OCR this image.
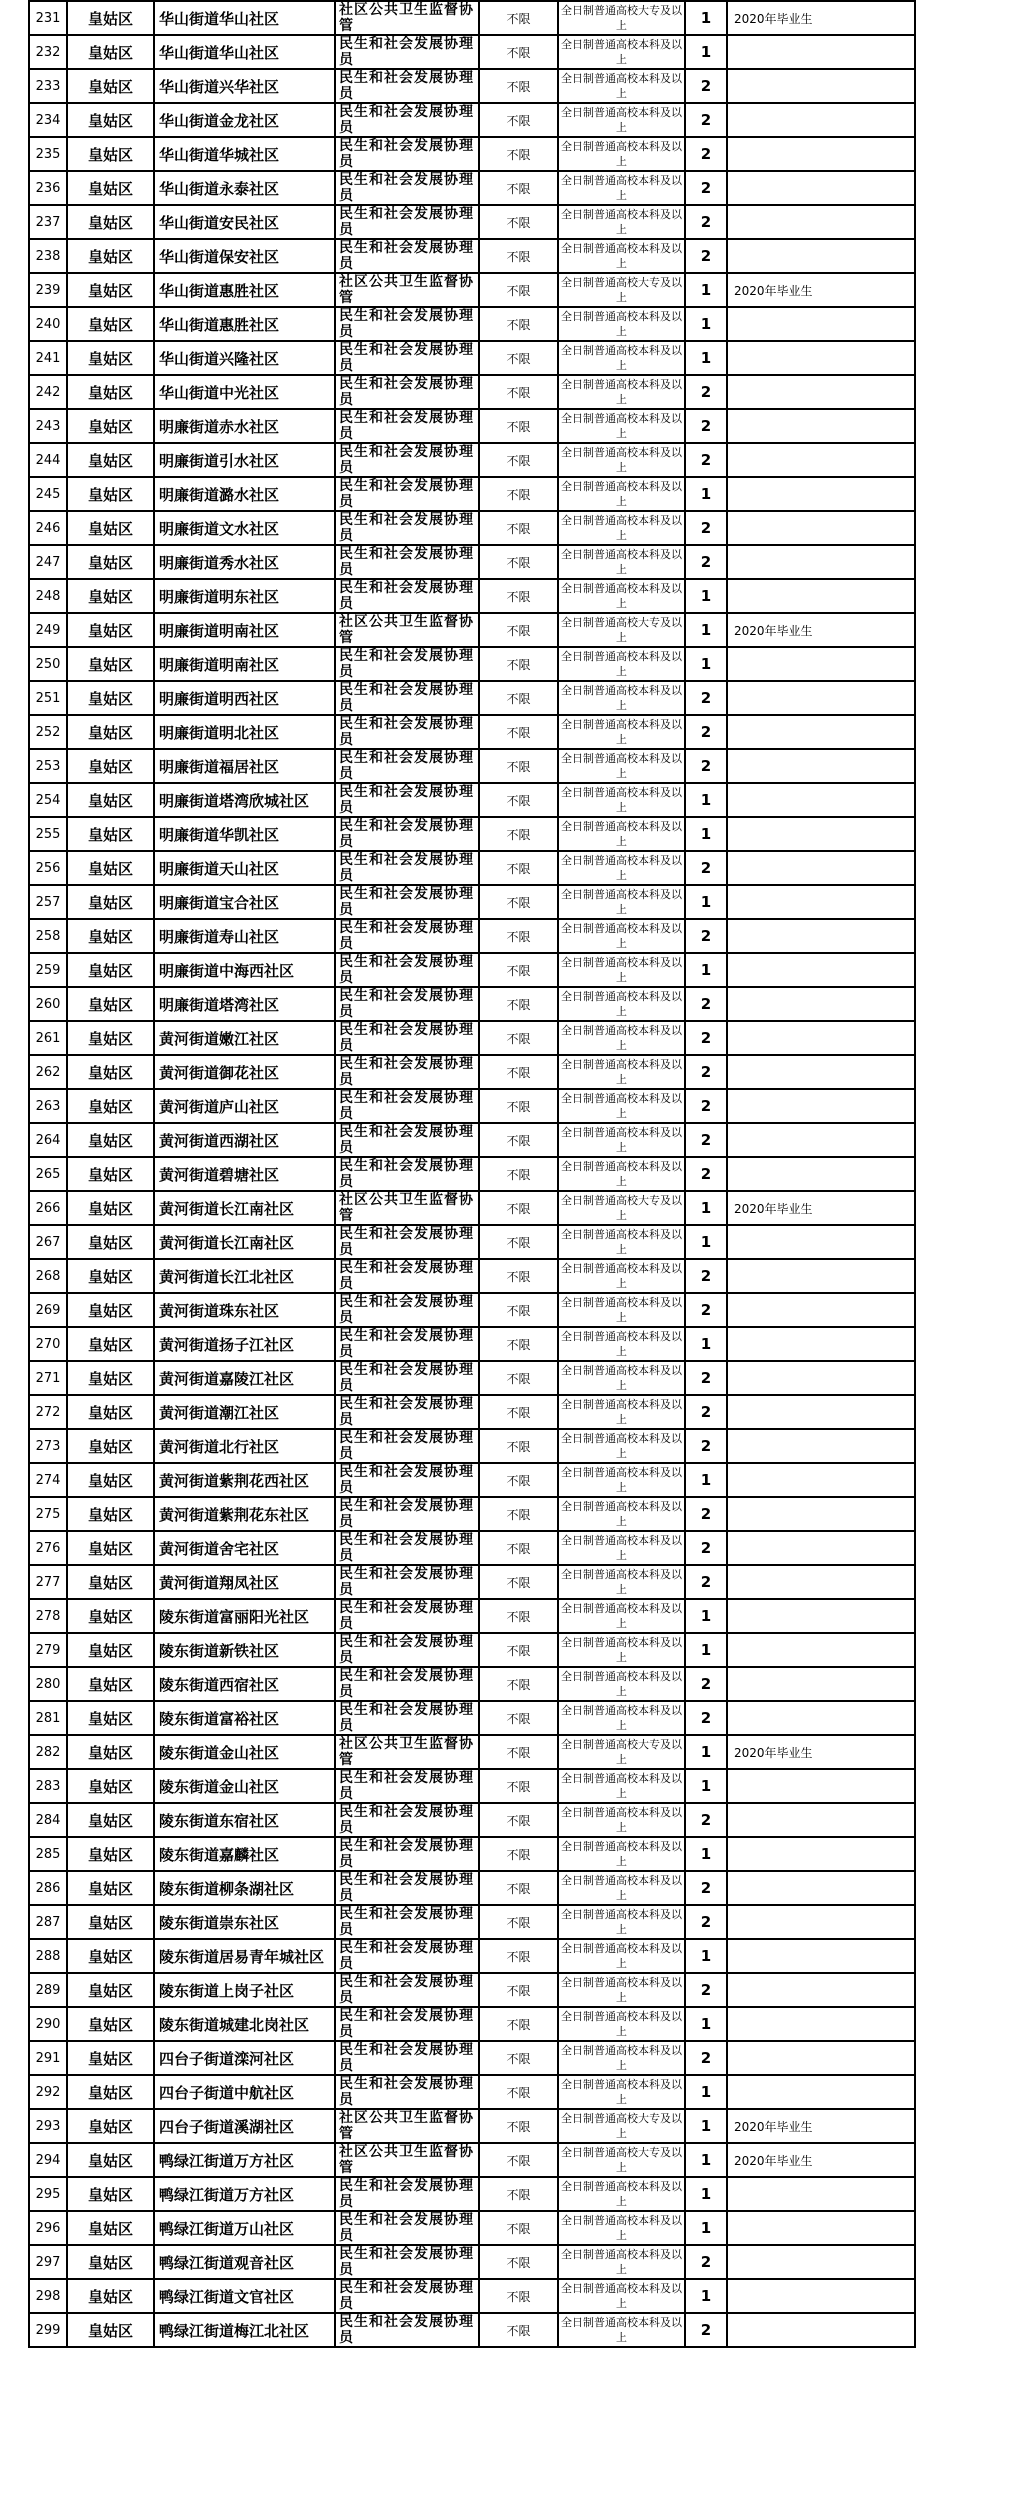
231	皇姑区	华山街道华山社区	社区公共卫生监督协管	不限	全日制普通高校大专及以上	1	2020年毕业生
232	皇姑区	华山街道华山社区	民生和社会发展协理员	不限	全日制普通高校本科及以上	1	
233	皇姑区	华山街道兴华社区	民生和社会发展协理员	不限	全日制普通高校本科及以上	2	
234	皇姑区	华山街道金龙社区	民生和社会发展协理员	不限	全日制普通高校本科及以上	2	
235	皇姑区	华山街道华城社区	民生和社会发展协理员	不限	全日制普通高校本科及以上	2	
236	皇姑区	华山街道永泰社区	民生和社会发展协理员	不限	全日制普通高校本科及以上	2	
237	皇姑区	华山街道安民社区	民生和社会发展协理员	不限	全日制普通高校本科及以上	2	
238	皇姑区	华山街道保安社区	民生和社会发展协理员	不限	全日制普通高校本科及以上	2	
239	皇姑区	华山街道惠胜社区	社区公共卫生监督协管	不限	全日制普通高校大专及以上	1	2020年毕业生
240	皇姑区	华山街道惠胜社区	民生和社会发展协理员	不限	全日制普通高校本科及以上	1	
241	皇姑区	华山街道兴隆社区	民生和社会发展协理员	不限	全日制普通高校本科及以上	1	
242	皇姑区	华山街道中光社区	民生和社会发展协理员	不限	全日制普通高校本科及以上	2	
243	皇姑区	明廉街道赤水社区	民生和社会发展协理员	不限	全日制普通高校本科及以上	2	
244	皇姑区	明廉街道引水社区	民生和社会发展协理员	不限	全日制普通高校本科及以上	2	
245	皇姑区	明廉街道潞水社区	民生和社会发展协理员	不限	全日制普通高校本科及以上	1	
246	皇姑区	明廉街道文水社区	民生和社会发展协理员	不限	全日制普通高校本科及以上	2	
247	皇姑区	明廉街道秀水社区	民生和社会发展协理员	不限	全日制普通高校本科及以上	2	
248	皇姑区	明廉街道明东社区	民生和社会发展协理员	不限	全日制普通高校本科及以上	1	
249	皇姑区	明廉街道明南社区	社区公共卫生监督协管	不限	全日制普通高校大专及以上	1	2020年毕业生
250	皇姑区	明廉街道明南社区	民生和社会发展协理员	不限	全日制普通高校本科及以上	1	
251	皇姑区	明廉街道明西社区	民生和社会发展协理员	不限	全日制普通高校本科及以上	2	
252	皇姑区	明廉街道明北社区	民生和社会发展协理员	不限	全日制普通高校本科及以上	2	
253	皇姑区	明廉街道福居社区	民生和社会发展协理员	不限	全日制普通高校本科及以上	2	
254	皇姑区	明廉街道塔湾欣城社区	民生和社会发展协理员	不限	全日制普通高校本科及以上	1	
255	皇姑区	明廉街道华凯社区	民生和社会发展协理员	不限	全日制普通高校本科及以上	1	
256	皇姑区	明廉街道天山社区	民生和社会发展协理员	不限	全日制普通高校本科及以上	2	
257	皇姑区	明廉街道宝合社区	民生和社会发展协理员	不限	全日制普通高校本科及以上	1	
258	皇姑区	明廉街道寿山社区	民生和社会发展协理员	不限	全日制普通高校本科及以上	2	
259	皇姑区	明廉街道中海西社区	民生和社会发展协理员	不限	全日制普通高校本科及以上	1	
260	皇姑区	明廉街道塔湾社区	民生和社会发展协理员	不限	全日制普通高校本科及以上	2	
261	皇姑区	黄河街道嫩江社区	民生和社会发展协理员	不限	全日制普通高校本科及以上	2	
262	皇姑区	黄河街道御花社区	民生和社会发展协理员	不限	全日制普通高校本科及以上	2	
263	皇姑区	黄河街道庐山社区	民生和社会发展协理员	不限	全日制普通高校本科及以上	2	
264	皇姑区	黄河街道西湖社区	民生和社会发展协理员	不限	全日制普通高校本科及以上	2	
265	皇姑区	黄河街道碧塘社区	民生和社会发展协理员	不限	全日制普通高校本科及以上	2	
266	皇姑区	黄河街道长江南社区	社区公共卫生监督协管	不限	全日制普通高校大专及以上	1	2020年毕业生
267	皇姑区	黄河街道长江南社区	民生和社会发展协理员	不限	全日制普通高校本科及以上	1	
268	皇姑区	黄河街道长江北社区	民生和社会发展协理员	不限	全日制普通高校本科及以上	2	
269	皇姑区	黄河街道珠东社区	民生和社会发展协理员	不限	全日制普通高校本科及以上	2	
270	皇姑区	黄河街道扬子江社区	民生和社会发展协理员	不限	全日制普通高校本科及以上	1	
271	皇姑区	黄河街道嘉陵江社区	民生和社会发展协理员	不限	全日制普通高校本科及以上	2	
272	皇姑区	黄河街道潮江社区	民生和社会发展协理员	不限	全日制普通高校本科及以上	2	
273	皇姑区	黄河街道北行社区	民生和社会发展协理员	不限	全日制普通高校本科及以上	2	
274	皇姑区	黄河街道紫荆花西社区	民生和社会发展协理员	不限	全日制普通高校本科及以上	1	
275	皇姑区	黄河街道紫荆花东社区	民生和社会发展协理员	不限	全日制普通高校本科及以上	2	
276	皇姑区	黄河街道舍宅社区	民生和社会发展协理员	不限	全日制普通高校本科及以上	2	
277	皇姑区	黄河街道翔凤社区	民生和社会发展协理员	不限	全日制普通高校本科及以上	2	
278	皇姑区	陵东街道富丽阳光社区	民生和社会发展协理员	不限	全日制普通高校本科及以上	1	
279	皇姑区	陵东街道新铁社区	民生和社会发展协理员	不限	全日制普通高校本科及以上	1	
280	皇姑区	陵东街道西宿社区	民生和社会发展协理员	不限	全日制普通高校本科及以上	2	
281	皇姑区	陵东街道富裕社区	民生和社会发展协理员	不限	全日制普通高校本科及以上	2	
282	皇姑区	陵东街道金山社区	社区公共卫生监督协管	不限	全日制普通高校大专及以上	1	2020年毕业生
283	皇姑区	陵东街道金山社区	民生和社会发展协理员	不限	全日制普通高校本科及以上	1	
284	皇姑区	陵东街道东宿社区	民生和社会发展协理员	不限	全日制普通高校本科及以上	2	
285	皇姑区	陵东街道嘉麟社区	民生和社会发展协理员	不限	全日制普通高校本科及以上	1	
286	皇姑区	陵东街道柳条湖社区	民生和社会发展协理员	不限	全日制普通高校本科及以上	2	
287	皇姑区	陵东街道崇东社区	民生和社会发展协理员	不限	全日制普通高校本科及以上	2	
288	皇姑区	陵东街道居易青年城社区	民生和社会发展协理员	不限	全日制普通高校本科及以上	1	
289	皇姑区	陵东街道上岗子社区	民生和社会发展协理员	不限	全日制普通高校本科及以上	2	
290	皇姑区	陵东街道城建北岗社区	民生和社会发展协理员	不限	全日制普通高校本科及以上	1	
291	皇姑区	四台子街道滦河社区	民生和社会发展协理员	不限	全日制普通高校本科及以上	2	
292	皇姑区	四台子街道中航社区	民生和社会发展协理员	不限	全日制普通高校本科及以上	1	
293	皇姑区	四台子街道溪湖社区	社区公共卫生监督协管	不限	全日制普通高校大专及以上	1	2020年毕业生
294	皇姑区	鸭绿江街道万方社区	社区公共卫生监督协管	不限	全日制普通高校大专及以上	1	2020年毕业生
295	皇姑区	鸭绿江街道万方社区	民生和社会发展协理员	不限	全日制普通高校本科及以上	1	
296	皇姑区	鸭绿江街道万山社区	民生和社会发展协理员	不限	全日制普通高校本科及以上	1	
297	皇姑区	鸭绿江街道观音社区	民生和社会发展协理员	不限	全日制普通高校本科及以上	2	
298	皇姑区	鸭绿江街道文官社区	民生和社会发展协理员	不限	全日制普通高校本科及以上	1	
299	皇姑区	鸭绿江街道梅江北社区	民生和社会发展协理员	不限	全日制普通高校本科及以上	2	
